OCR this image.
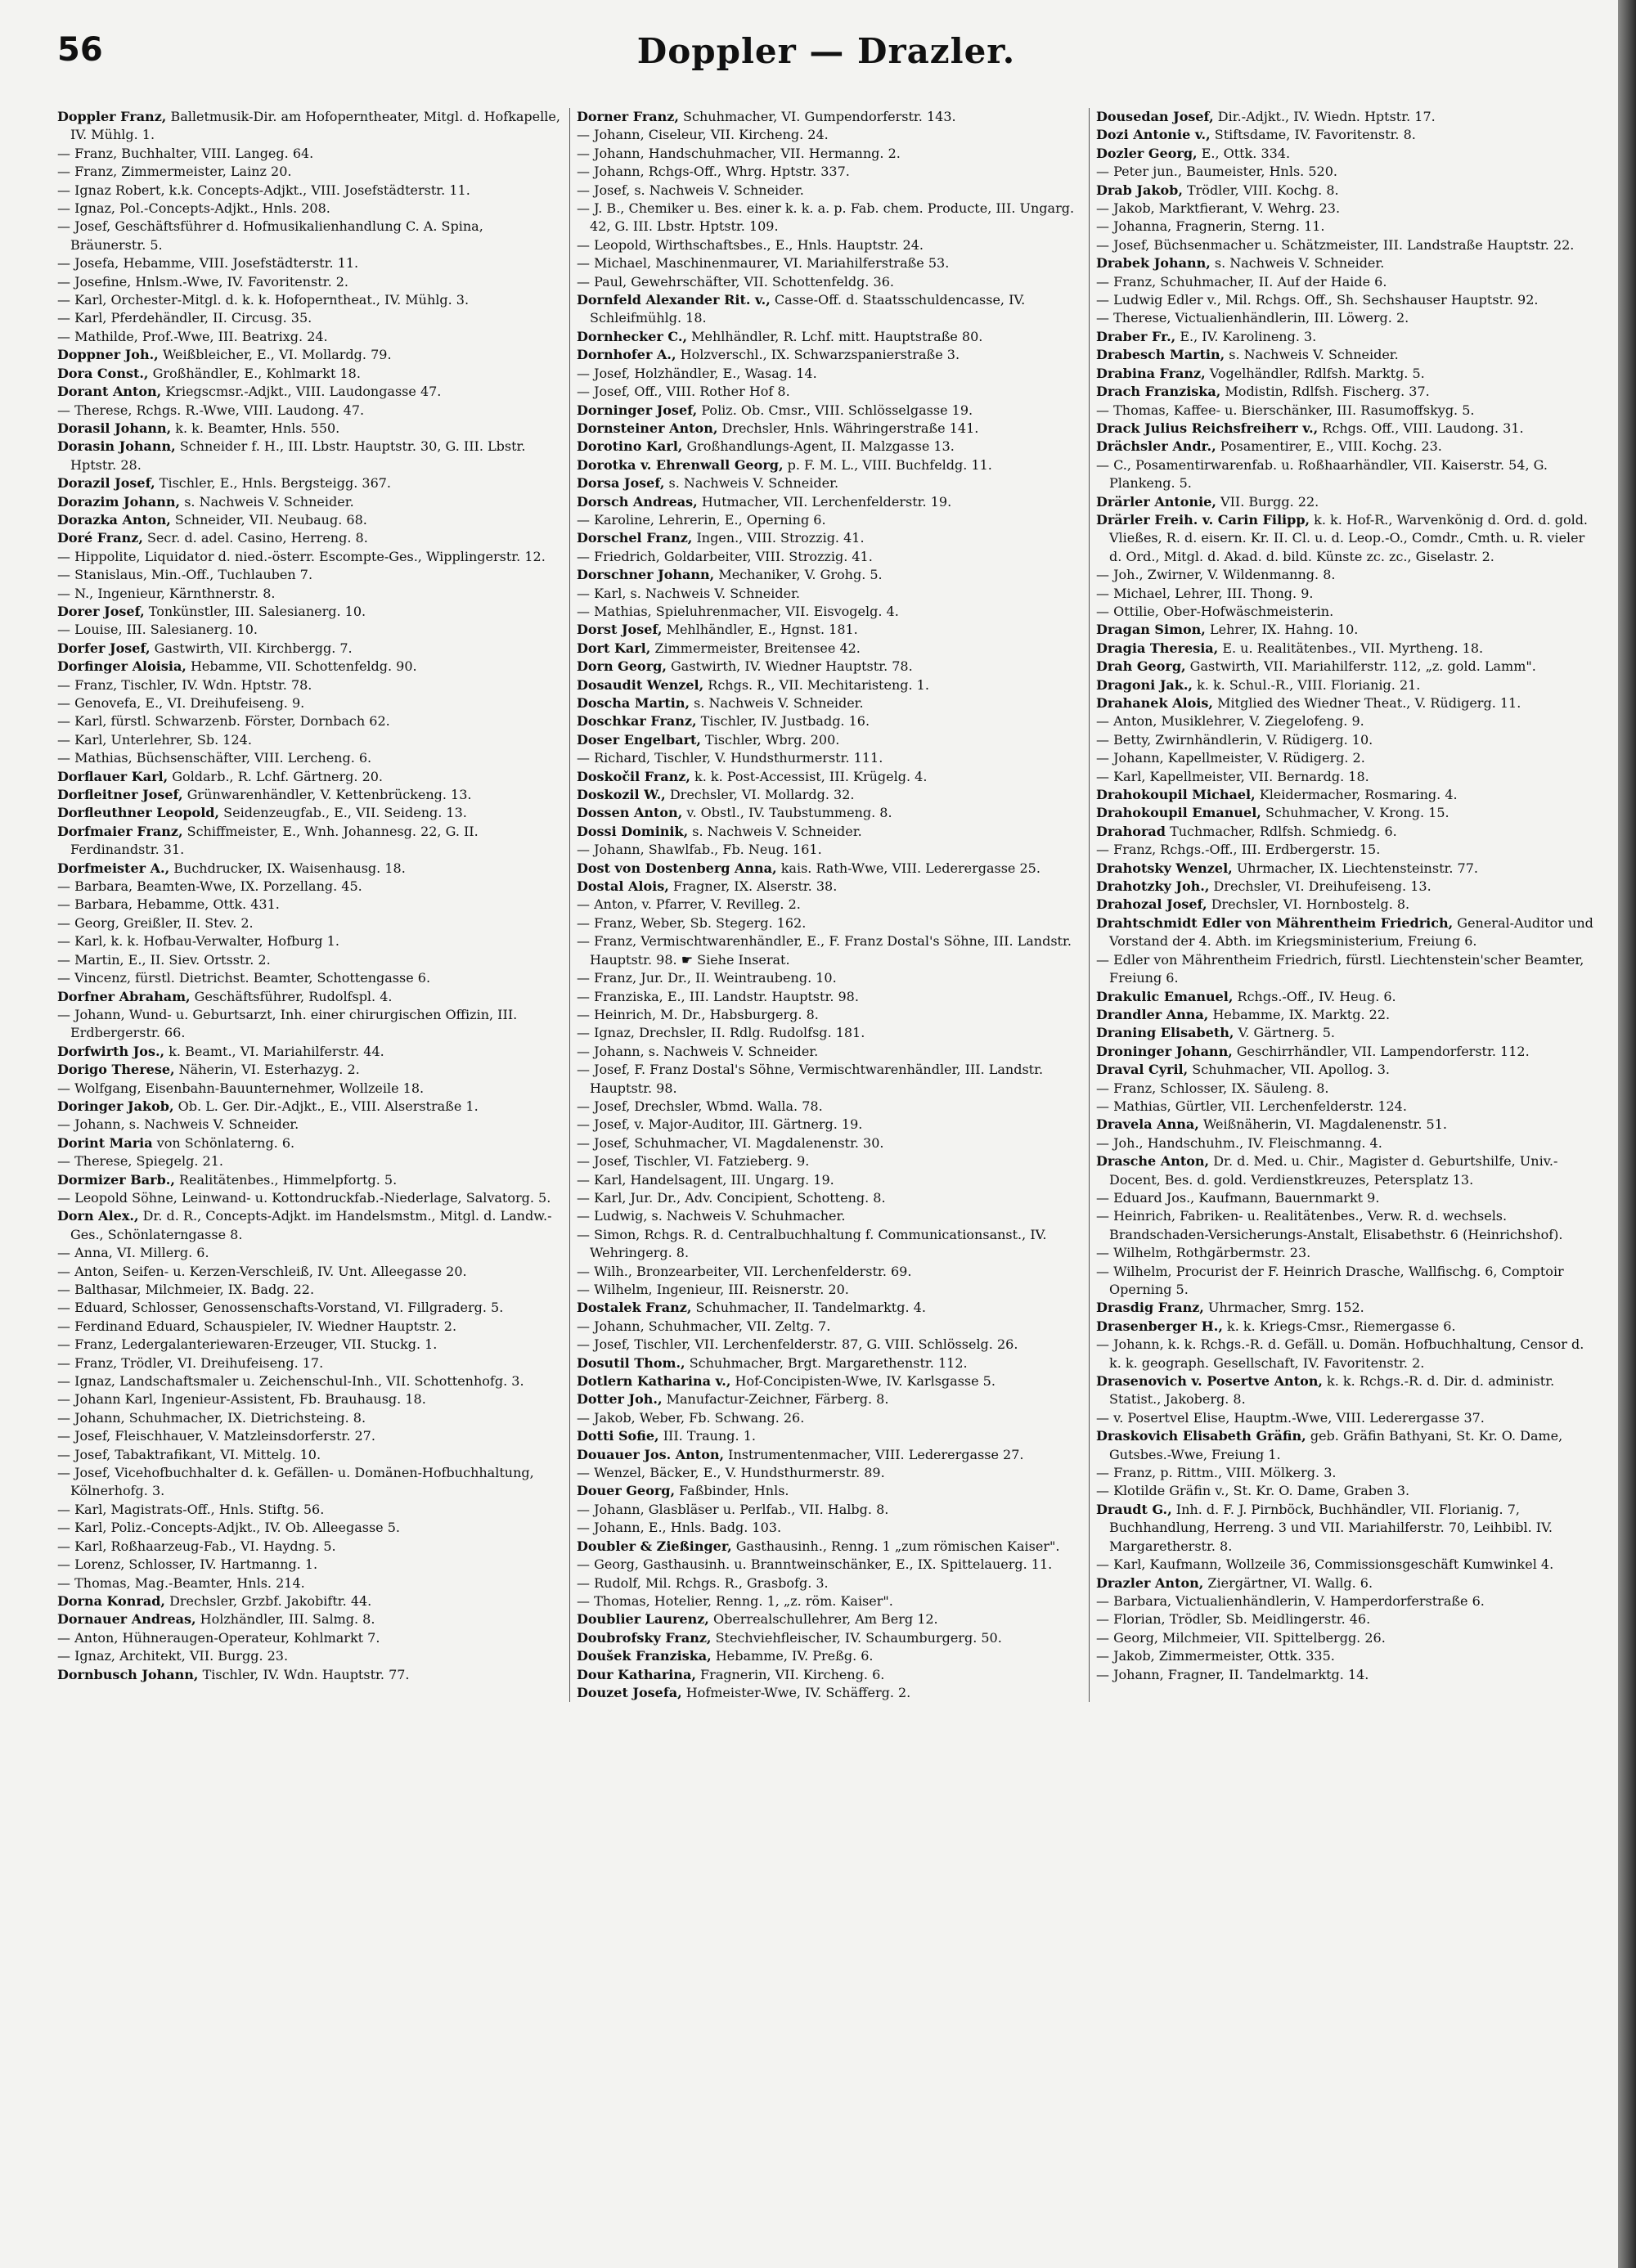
56	Doppler — Drazler.
Doppler Franz, Balletmusik-Dir. am Hofoperntheater, Mitgl. d. Hofkapelle, IV. Mühlg. 1.
— Franz, Buchhalter, VIII. Langeg. 64.
— Franz, Zimmermeister, Lainz 20.
— Ignaz Robert, k.k. Concepts-Adjkt., VIII. Josefstädterstr. 11.
— Ignaz, Pol.-Concepts-Adjkt., Hnls. 208.
— Josef, Geschäftsführer d. Hofmusikalienhandlung C. A. Spina, Bräunerstr. 5.
— Josefa, Hebamme, VIII. Josefstädterstr. 11.
— Josefine, Hnlsm.-Wwe, IV. Favoritenstr. 2.
— Karl, Orchester-Mitgl. d. k. k. Hofoperntheat., IV. Mühlg. 3.
— Karl, Pferdehändler, II. Circusg. 35.
— Mathilde, Prof.-Wwe, III. Beatrixg. 24.
Doppner Joh., Weißbleicher, E., VI. Mollardg. 79.
Dora Const., Großhändler, E., Kohlmarkt 18.
Dorant Anton, Kriegscmsr.-Adjkt., VIII. Laudongasse 47.
— Therese, Rchgs. R.-Wwe, VIII. Laudong. 47.
Dorasil Johann, k. k. Beamter, Hnls. 550.
Dorasin Johann, Schneider f. H., III. Lbstr. Hauptstr. 30, G. III. Lbstr. Hptstr. 28.
Dorazil Josef, Tischler, E., Hnls. Bergsteigg. 367.
Dorazim Johann, s. Nachweis V. Schneider.
Dorazka Anton, Schneider, VII. Neubaug. 68.
Doré Franz, Secr. d. adel. Casino, Herreng. 8.
— Hippolite, Liquidator d. nied.-österr. Escompte-Ges., Wipplingerstr. 12.
— Stanislaus, Min.-Off., Tuchlauben 7.
— N., Ingenieur, Kärnthnerstr. 8.
Dorer Josef, Tonkünstler, III. Salesianerg. 10.
— Louise, III. Salesianerg. 10.
Dorfer Josef, Gastwirth, VII. Kirchbergg. 7.
Dorfinger Aloisia, Hebamme, VII. Schottenfeldg. 90.
— Franz, Tischler, IV. Wdn. Hptstr. 78.
— Genovefa, E., VI. Dreihufeiseng. 9.
— Karl, fürstl. Schwarzenb. Förster, Dornbach 62.
— Karl, Unterlehrer, Sb. 124.
— Mathias, Büchsenschäfter, VIII. Lercheng. 6.
Dorflauer Karl, Goldarb., R. Lchf. Gärtnerg. 20.
Dorfleitner Josef, Grünwarenhändler, V. Kettenbrückeng. 13.
Dorfleuthner Leopold, Seidenzeugfab., E., VII. Seideng. 13.
Dorfmaier Franz, Schiffmeister, E., Wnh. Johannesg. 22, G. II. Ferdinandstr. 31.
Dorfmeister A., Buchdrucker, IX. Waisenhausg. 18.
— Barbara, Beamten-Wwe, IX. Porzellang. 45.
— Barbara, Hebamme, Ottk. 431.
— Georg, Greißler, II. Stev. 2.
— Karl, k. k. Hofbau-Verwalter, Hofburg 1.
— Martin, E., II. Siev. Ortsstr. 2.
— Vincenz, fürstl. Dietrichst. Beamter, Schottengasse 6.
Dorfner Abraham, Geschäftsführer, Rudolfspl. 4.
— Johann, Wund- u. Geburtsarzt, Inh. einer chirurgischen Offizin, III. Erdbergerstr. 66.
Dorfwirth Jos., k. Beamt., VI. Mariahilferstr. 44.
Dorigo Therese, Näherin, VI. Esterhazyg. 2.
— Wolfgang, Eisenbahn-Bauunternehmer, Wollzeile 18.
Doringer Jakob, Ob. L. Ger. Dir.-Adjkt., E., VIII. Alserstraße 1.
— Johann, s. Nachweis V. Schneider.
Dorint Maria von Schönlaterng. 6.
— Therese, Spiegelg. 21.
Dormizer Barb., Realitätenbes., Himmelpfortg. 5.
— Leopold Söhne, Leinwand- u. Kottondruckfab.-Niederlage, Salvatorg. 5.
Dorn Alex., Dr. d. R., Concepts-Adjkt. im Handelsmstm., Mitgl. d. Landw.-Ges., Schönlaterngasse 8.
— Anna, VI. Millerg. 6.
— Anton, Seifen- u. Kerzen-Verschleiß, IV. Unt. Alleegasse 20.
— Balthasar, Milchmeier, IX. Badg. 22.
— Eduard, Schlosser, Genossenschafts-Vorstand, VI. Fillgraderg. 5.
— Ferdinand Eduard, Schauspieler, IV. Wiedner Hauptstr. 2.
— Franz, Ledergalanteriewaren-Erzeuger, VII. Stuckg. 1.
— Franz, Trödler, VI. Dreihufeiseng. 17.
— Ignaz, Landschaftsmaler u. Zeichenschul-Inh., VII. Schottenhofg. 3.
— Johann Karl, Ingenieur-Assistent, Fb. Brauhausg. 18.
— Johann, Schuhmacher, IX. Dietrichsteing. 8.
— Josef, Fleischhauer, V. Matzleinsdorferstr. 27.
— Josef, Tabaktrafikant, VI. Mittelg. 10.
— Josef, Vicehofbuchhalter d. k. Gefällen- u. Domänen-Hofbuchhaltung, Kölnerhofg. 3.
— Karl, Magistrats-Off., Hnls. Stiftg. 56.
— Karl, Poliz.-Concepts-Adjkt., IV. Ob. Alleegasse 5.
— Karl, Roßhaarzeug-Fab., VI. Haydng. 5.
— Lorenz, Schlosser, IV. Hartmanng. 1.
— Thomas, Mag.-Beamter, Hnls. 214.
Dorna Konrad, Drechsler, Grzbf. Jakobiftr. 44.
Dornauer Andreas, Holzhändler, III. Salmg. 8.
— Anton, Hühneraugen-Operateur, Kohlmarkt 7.
— Ignaz, Architekt, VII. Burgg. 23.
Dornbusch Johann, Tischler, IV. Wdn. Hauptstr. 77.
Dorner Franz, Schuhmacher, VI. Gumpendorferstr. 143.
— Johann, Ciseleur, VII. Kircheng. 24.
— Johann, Handschuhmacher, VII. Hermanng. 2.
— Johann, Rchgs-Off., Whrg. Hptstr. 337.
— Josef, s. Nachweis V. Schneider.
— J. B., Chemiker u. Bes. einer k. k. a. p. Fab. chem. Producte, III. Ungarg. 42, G. III. Lbstr. Hptstr. 109.
— Leopold, Wirthschaftsbes., E., Hnls. Hauptstr. 24.
— Michael, Maschinenmaurer, VI. Mariahilferstraße 53.
— Paul, Gewehrschäfter, VII. Schottenfeldg. 36.
Dornfeld Alexander Rit. v., Casse-Off. d. Staatsschuldencasse, IV. Schleifmühlg. 18.
Dornhecker C., Mehlhändler, R. Lchf. mitt. Hauptstraße 80.
Dornhofer A., Holzverschl., IX. Schwarzspanierstraße 3.
— Josef, Holzhändler, E., Wasag. 14.
— Josef, Off., VIII. Rother Hof 8.
Dorninger Josef, Poliz. Ob. Cmsr., VIII. Schlösselgasse 19.
Dornsteiner Anton, Drechsler, Hnls. Währingerstraße 141.
Dorotino Karl, Großhandlungs-Agent, II. Malzgasse 13.
Dorotka v. Ehrenwall Georg, p. F. M. L., VIII. Buchfeldg. 11.
Dorsa Josef, s. Nachweis V. Schneider.
Dorsch Andreas, Hutmacher, VII. Lerchenfelderstr. 19.
— Karoline, Lehrerin, E., Operning 6.
Dorschel Franz, Ingen., VIII. Strozzig. 41.
— Friedrich, Goldarbeiter, VIII. Strozzig. 41.
Dorschner Johann, Mechaniker, V. Grohg. 5.
— Karl, s. Nachweis V. Schneider.
— Mathias, Spieluhrenmacher, VII. Eisvogelg. 4.
Dorst Josef, Mehlhändler, E., Hgnst. 181.
Dort Karl, Zimmermeister, Breitensee 42.
Dorn Georg, Gastwirth, IV. Wiedner Hauptstr. 78.
Dosaudit Wenzel, Rchgs. R., VII. Mechitaristeng. 1.
Doscha Martin, s. Nachweis V. Schneider.
Doschkar Franz, Tischler, IV. Justbadg. 16.
Doser Engelbart, Tischler, Wbrg. 200.
— Richard, Tischler, V. Hundsthurmerstr. 111.
Doskočil Franz, k. k. Post-Accessist, III. Krügelg. 4.
Doskozil W., Drechsler, VI. Mollardg. 32.
Dossen Anton, v. Obstl., IV. Taubstummeng. 8.
Dossi Dominik, s. Nachweis V. Schneider.
— Johann, Shawlfab., Fb. Neug. 161.
Dost von Dostenberg Anna, kais. Rath-Wwe, VIII. Lederergasse 25.
Dostal Alois, Fragner, IX. Alserstr. 38.
— Anton, v. Pfarrer, V. Revilleg. 2.
— Franz, Weber, Sb. Stegerg. 162.
— Franz, Vermischtwarenhändler, E., F. Franz Dostal's Söhne, III. Landstr. Hauptstr. 98. ☛ Siehe Inserat.
— Franz, Jur. Dr., II. Weintraubeng. 10.
— Franziska, E., III. Landstr. Hauptstr. 98.
— Heinrich, M. Dr., Habsburgerg. 8.
— Ignaz, Drechsler, II. Rdlg. Rudolfsg. 181.
— Johann, s. Nachweis V. Schneider.
— Josef, F. Franz Dostal's Söhne, Vermischtwarenhändler, III. Landstr. Hauptstr. 98.
— Josef, Drechsler, Wbmd. Walla. 78.
— Josef, v. Major-Auditor, III. Gärtnerg. 19.
— Josef, Schuhmacher, VI. Magdalenenstr. 30.
— Josef, Tischler, VI. Fatzieberg. 9.
— Karl, Handelsagent, III. Ungarg. 19.
— Karl, Jur. Dr., Adv. Concipient, Schotteng. 8.
— Ludwig, s. Nachweis V. Schuhmacher.
— Simon, Rchgs. R. d. Centralbuchhaltung f. Communicationsanst., IV. Wehringerg. 8.
— Wilh., Bronzearbeiter, VII. Lerchenfelderstr. 69.
— Wilhelm, Ingenieur, III. Reisnerstr. 20.
Dostalek Franz, Schuhmacher, II. Tandelmarktg. 4.
— Johann, Schuhmacher, VII. Zeltg. 7.
— Josef, Tischler, VII. Lerchenfelderstr. 87, G. VIII. Schlösselg. 26.
Dosutil Thom., Schuhmacher, Brgt. Margarethenstr. 112.
Dotlern Katharina v., Hof-Concipisten-Wwe, IV. Karlsgasse 5.
Dotter Joh., Manufactur-Zeichner, Färberg. 8.
— Jakob, Weber, Fb. Schwang. 26.
Dotti Sofie, III. Traung. 1.
Douauer Jos. Anton, Instrumentenmacher, VIII. Lederergasse 27.
— Wenzel, Bäcker, E., V. Hundsthurmerstr. 89.
Douer Georg, Faßbinder, Hnls.
— Johann, Glasbläser u. Perlfab., VII. Halbg. 8.
— Johann, E., Hnls. Badg. 103.
Doubler & Zießinger, Gasthausinh., Renng. 1 „zum römischen Kaiser".
— Georg, Gasthausinh. u. Branntweinschänker, E., IX. Spittelauerg. 11.
— Rudolf, Mil. Rchgs. R., Grasbofg. 3.
— Thomas, Hotelier, Renng. 1, „z. röm. Kaiser".
Doublier Laurenz, Oberrealschullehrer, Am Berg 12.
Doubrofsky Franz, Stechviehfleischer, IV. Schaumburgerg. 50.
Doušek Franziska, Hebamme, IV. Preßg. 6.
Dour Katharina, Fragnerin, VII. Kircheng. 6.
Douzet Josefa, Hofmeister-Wwe, IV. Schäfferg. 2.
Dousedan Josef, Dir.-Adjkt., IV. Wiedn. Hptstr. 17.
Dozi Antonie v., Stiftsdame, IV. Favoritenstr. 8.
Dozler Georg, E., Ottk. 334.
— Peter jun., Baumeister, Hnls. 520.
Drab Jakob, Trödler, VIII. Kochg. 8.
— Jakob, Marktfierant, V. Wehrg. 23.
— Johanna, Fragnerin, Sterng. 11.
— Josef, Büchsenmacher u. Schätzmeister, III. Landstraße Hauptstr. 22.
Drabek Johann, s. Nachweis V. Schneider.
— Franz, Schuhmacher, II. Auf der Haide 6.
— Ludwig Edler v., Mil. Rchgs. Off., Sh. Sechshauser Hauptstr. 92.
— Therese, Victualienhändlerin, III. Löwerg. 2.
Draber Fr., E., IV. Karolineng. 3.
Drabesch Martin, s. Nachweis V. Schneider.
Drabina Franz, Vogelhändler, Rdlfsh. Marktg. 5.
Drach Franziska, Modistin, Rdlfsh. Fischerg. 37.
— Thomas, Kaffee- u. Bierschänker, III. Rasumoffskyg. 5.
Drack Julius Reichsfreiherr v., Rchgs. Off., VIII. Laudong. 31.
Drächsler Andr., Posamentirer, E., VIII. Kochg. 23.
— C., Posamentirwarenfab. u. Roßhaarhändler, VII. Kaiserstr. 54, G. Plankeng. 5.
Drärler Antonie, VII. Burgg. 22.
Drärler Freih. v. Carin Filipp, k. k. Hof-R., Warvenkönig d. Ord. d. gold. Vließes, R. d. eisern. Kr. II. Cl. u. d. Leop.-O., Comdr., Cmth. u. R. vieler d. Ord., Mitgl. d. Akad. d. bild. Künste zc. zc., Giselastr. 2.
— Joh., Zwirner, V. Wildenmanng. 8.
— Michael, Lehrer, III. Thong. 9.
— Ottilie, Ober-Hofwäschmeisterin.
Dragan Simon, Lehrer, IX. Hahng. 10.
Dragia Theresia, E. u. Realitätenbes., VII. Myrtheng. 18.
Drah Georg, Gastwirth, VII. Mariahilferstr. 112, „z. gold. Lamm".
Dragoni Jak., k. k. Schul.-R., VIII. Florianig. 21.
Drahanek Alois, Mitglied des Wiedner Theat., V. Rüdigerg. 11.
— Anton, Musiklehrer, V. Ziegelofeng. 9.
— Betty, Zwirnhändlerin, V. Rüdigerg. 10.
— Johann, Kapellmeister, V. Rüdigerg. 2.
— Karl, Kapellmeister, VII. Bernardg. 18.
Drahokoupil Michael, Kleidermacher, Rosmaring. 4.
Drahokoupil Emanuel, Schuhmacher, V. Krong. 15.
Drahorad Tuchmacher, Rdlfsh. Schmiedg. 6.
— Franz, Rchgs.-Off., III. Erdbergerstr. 15.
Drahotsky Wenzel, Uhrmacher, IX. Liechtensteinstr. 77.
Drahotzky Joh., Drechsler, VI. Dreihufeiseng. 13.
Drahozal Josef, Drechsler, VI. Hornbostelg. 8.
Drahtschmidt Edler von Mährentheim Friedrich, General-Auditor und Vorstand der 4. Abth. im Kriegsministerium, Freiung 6.
— Edler von Mährentheim Friedrich, fürstl. Liechtenstein'scher Beamter, Freiung 6.
Drakulic Emanuel, Rchgs.-Off., IV. Heug. 6.
Drandler Anna, Hebamme, IX. Marktg. 22.
Draning Elisabeth, V. Gärtnerg. 5.
Droninger Johann, Geschirrhändler, VII. Lampendorferstr. 112.
Draval Cyril, Schuhmacher, VII. Apollog. 3.
— Franz, Schlosser, IX. Säuleng. 8.
— Mathias, Gürtler, VII. Lerchenfelderstr. 124.
Dravela Anna, Weißnäherin, VI. Magdalenenstr. 51.
— Joh., Handschuhm., IV. Fleischmanng. 4.
Drasche Anton, Dr. d. Med. u. Chir., Magister d. Geburtshilfe, Univ.-Docent, Bes. d. gold. Verdienstkreuzes, Petersplatz 13.
— Eduard Jos., Kaufmann, Bauernmarkt 9.
— Heinrich, Fabriken- u. Realitätenbes., Verw. R. d. wechsels. Brandschaden-Versicherungs-Anstalt, Elisabethstr. 6 (Heinrichshof).
— Wilhelm, Rothgärbermstr. 23.
— Wilhelm, Procurist der F. Heinrich Drasche, Wallfischg. 6, Comptoir Operning 5.
Drasdig Franz, Uhrmacher, Smrg. 152.
Drasenberger H., k. k. Kriegs-Cmsr., Riemergasse 6.
— Johann, k. k. Rchgs.-R. d. Gefäll. u. Domän. Hofbuchhaltung, Censor d. k. k. geograph. Gesellschaft, IV. Favoritenstr. 2.
Drasenovich v. Posertve Anton, k. k. Rchgs.-R. d. Dir. d. administr. Statist., Jakoberg. 8.
— v. Posertvel Elise, Hauptm.-Wwe, VIII. Lederergasse 37.
Draskovich Elisabeth Gräfin, geb. Gräfin Bathyani, St. Kr. O. Dame, Gutsbes.-Wwe, Freiung 1.
— Franz, p. Rittm., VIII. Mölkerg. 3.
— Klotilde Gräfin v., St. Kr. O. Dame, Graben 3.
Draudt G., Inh. d. F. J. Pirnböck, Buchhändler, VII. Florianig. 7, Buchhandlung, Herreng. 3 und VII. Mariahilferstr. 70, Leihbibl. IV. Margaretherstr. 8.
— Karl, Kaufmann, Wollzeile 36, Commissionsgeschäft Kumwinkel 4.
Drazler Anton, Ziergärtner, VI. Wallg. 6.
— Barbara, Victualienhändlerin, V. Hamperdorferstraße 6.
— Florian, Trödler, Sb. Meidlingerstr. 46.
— Georg, Milchmeier, VII. Spittelbergg. 26.
— Jakob, Zimmermeister, Ottk. 335.
— Johann, Fragner, II. Tandelmarktg. 14.
